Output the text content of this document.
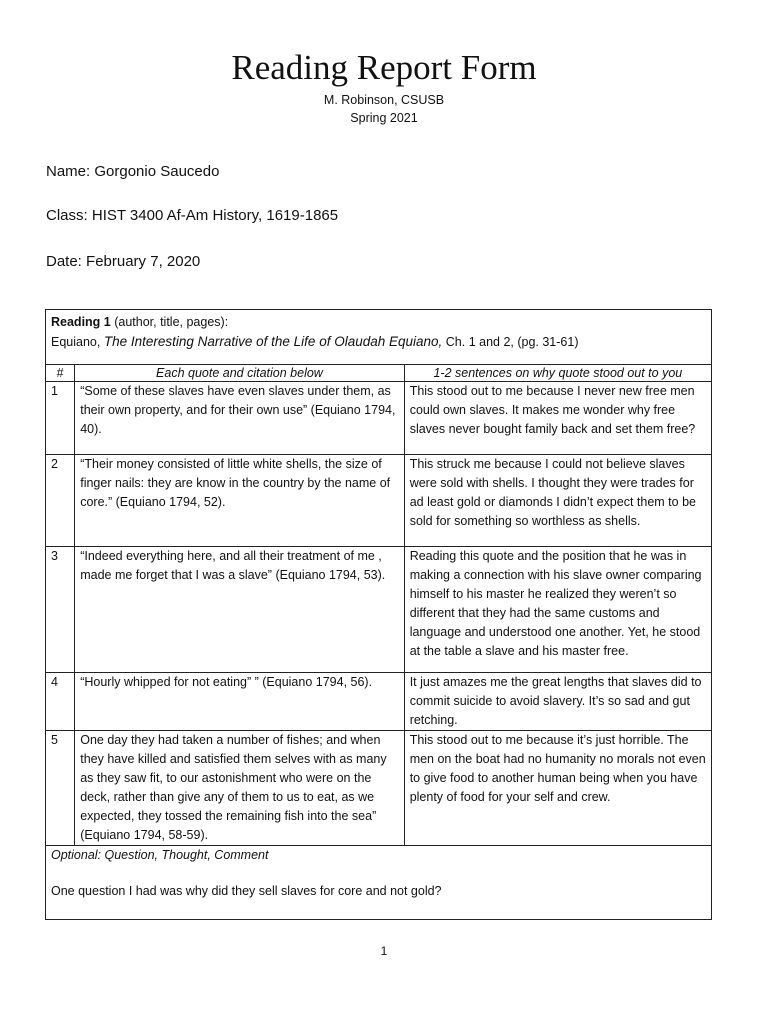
Reading Report Form
M. Robinson, CSUSB
Spring 2021
Name: Gorgonio Saucedo
Class: HIST 3400 Af-Am History, 1619-1865
Date: February 7, 2020
Reading 1 (author, title, pages):
Equiano, The Interesting Narrative of the Life of Olaudah Equiano, Ch. 1 and 2, (pg. 31-61)		

#	Each quote and citation below	1-2 sentences on why quote stood out to you
1	“Some of these slaves have even slaves under them, as their own property, and for their own use” (Equiano 1794, 40).	This stood out to me because I never new free men could own slaves. It makes me wonder why free slaves never bought family back and set them free?
2	“Their money consisted of little white shells, the size of finger nails: they are know in the country by the name of core.” (Equiano 1794, 52).	This struck me because I could not believe slaves were sold with shells. I thought they were trades for ad least gold or diamonds I didn’t expect them to be sold for something so worthless as shells.
3	“Indeed everything here, and all their treatment of me , made me forget that I was a slave” (Equiano 1794, 53).	Reading this quote and the position that he was in making a connection with his slave owner comparing himself to his master he realized they weren’t so different that they had the same customs and language and understood one another. Yet, he stood at the table a slave and his master free.
4	“Hourly whipped for not eating” ” (Equiano 1794, 56).	It just amazes me the great lengths that slaves did to commit suicide to avoid slavery. It’s so sad and gut retching.
5	One day they had taken a number of fishes; and when they have killed and satisfied them selves with as many as they saw fit, to our astonishment who were on the deck, rather than give any of them to us to eat, as we expected, they tossed the remaining fish into the sea” (Equiano 1794, 58-59).	This stood out to me because it’s just horrible. The men on the boat had no humanity no morals not even to give food to another human being when you have plenty of food for your self and crew.

Optional: Question, Thought, Comment
One question I had was why did they sell slaves for core and not gold?		
1
